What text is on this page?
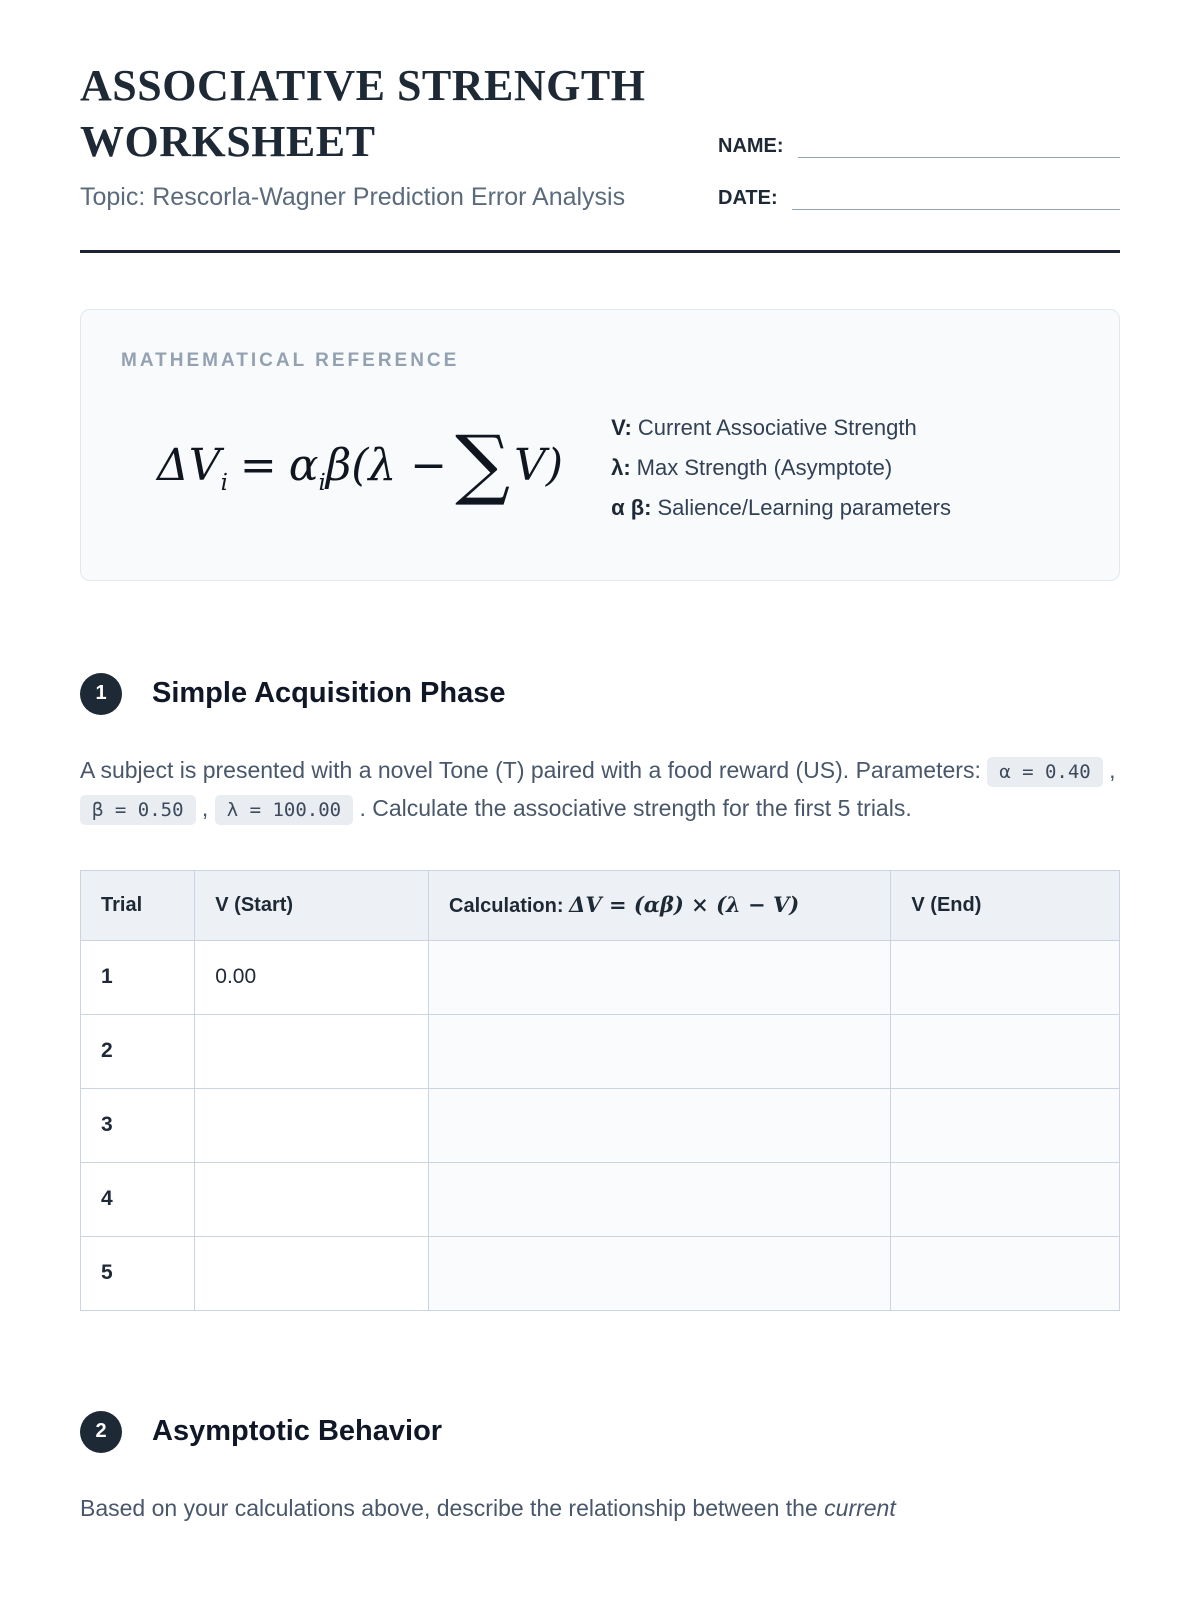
ASSOCIATIVE STRENGTH
WORKSHEET
Topic: Rescorla-Wagner Prediction Error Analysis
NAME:
DATE:
MATHEMATICAL REFERENCE
$\Delta V_i = \alpha_i\beta(\lambda - \sum V)$
V: Current Associative Strength
λ: Max Strength (Asymptote)
α β: Salience/Learning parameters
1	Simple Acquisition Phase

A subject is presented with a novel Tone (T) paired with a food reward (US). Parameters: α = 0.40 , β = 0.50 , λ = 100.00 . Calculate the associative strength for the first 5 trials.

Trial	V (Start)	Calculation: ΔV = (αβ) × (λ − V)	V (End)
1	0.00		
2			
3			
4			
5			
2	Asymptotic Behavior

Based on your calculations above, describe the relationship between the current
